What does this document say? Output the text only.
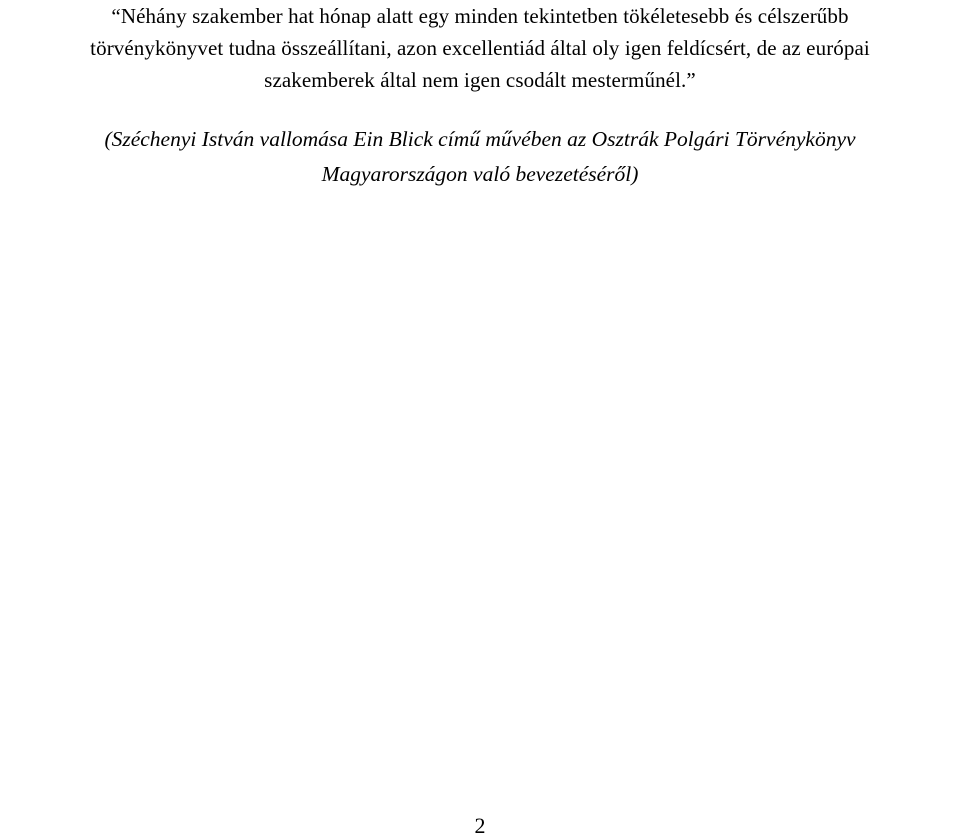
“Néhány szakember hat hónap alatt egy minden tekintetben tökéletesebb és célszerűbb
törvénykönyvet tudna összeállítani, azon excellentiád által oly igen feldícsért, de az európai
szakemberek által nem igen csodált mesterműnél.”
(Széchenyi István vallomása Ein Blick című művében az Osztrák Polgári Törvénykönyv
Magyarországon való bevezetéséről)
2
